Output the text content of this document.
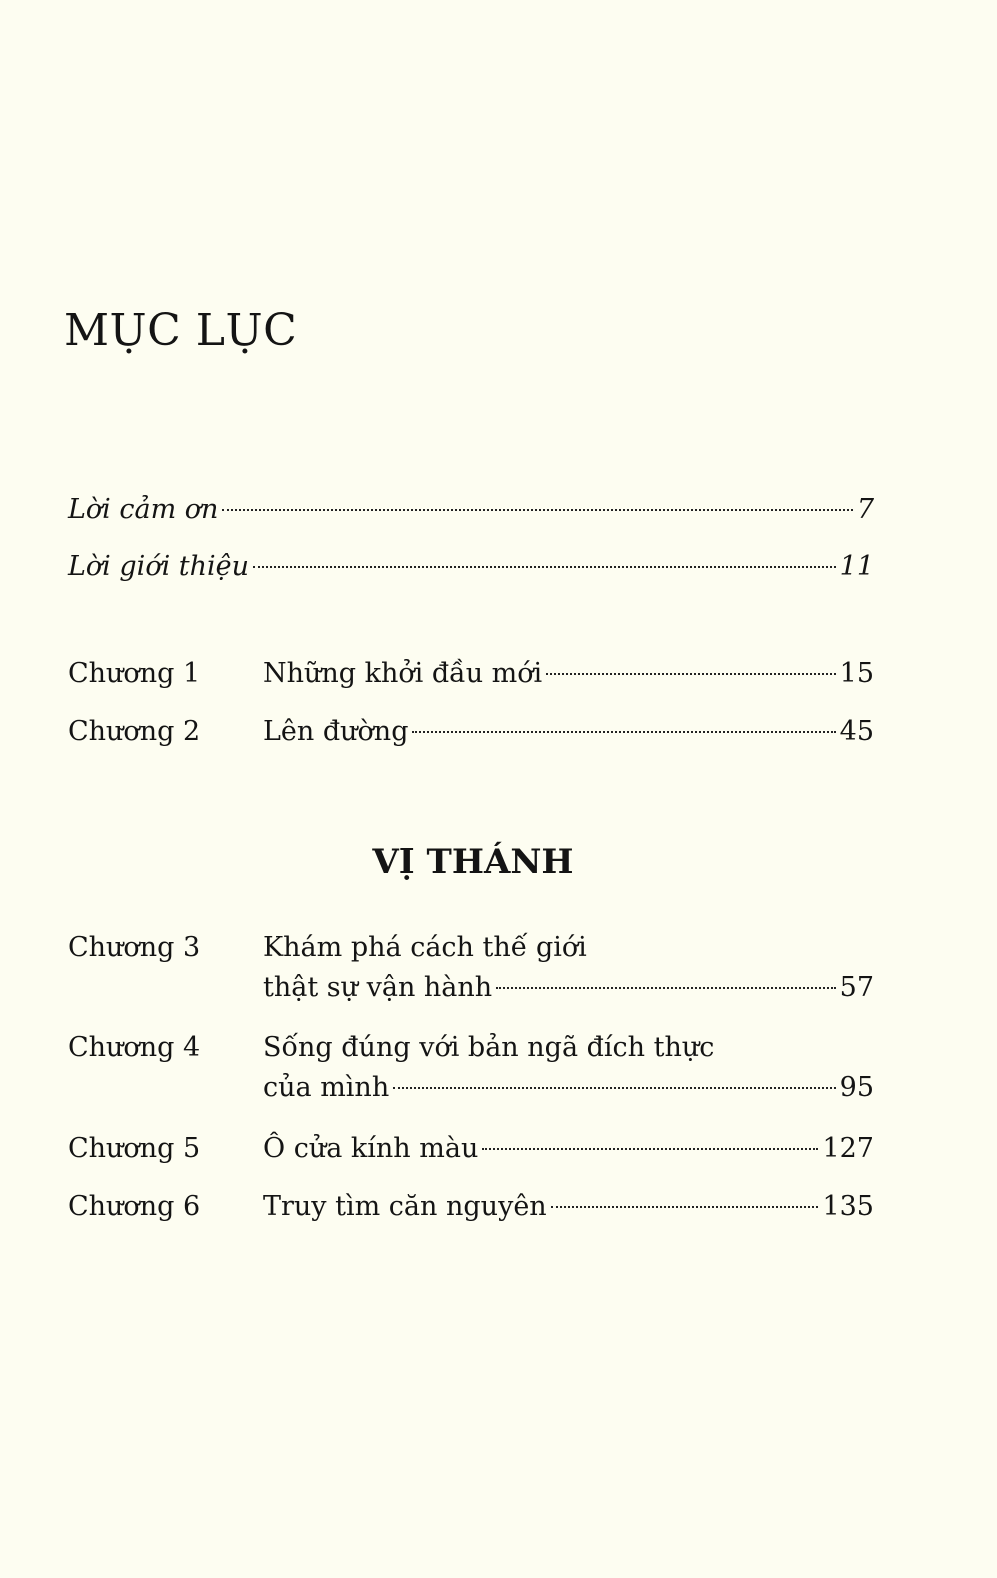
MỤC LỤC
Lời cảm ơn	7
Lời giới thiệu	11
Chương 1	Những khởi đầu mới	15
Chương 2	Lên đường	45
VỊ THÁNH
Chương 3	Khám phá cách thế giới
thật sự vận hành	57
Chương 4	Sống đúng với bản ngã đích thực
của mình	95
Chương 5	Ô cửa kính màu	127
Chương 6	Truy tìm căn nguyên	135
